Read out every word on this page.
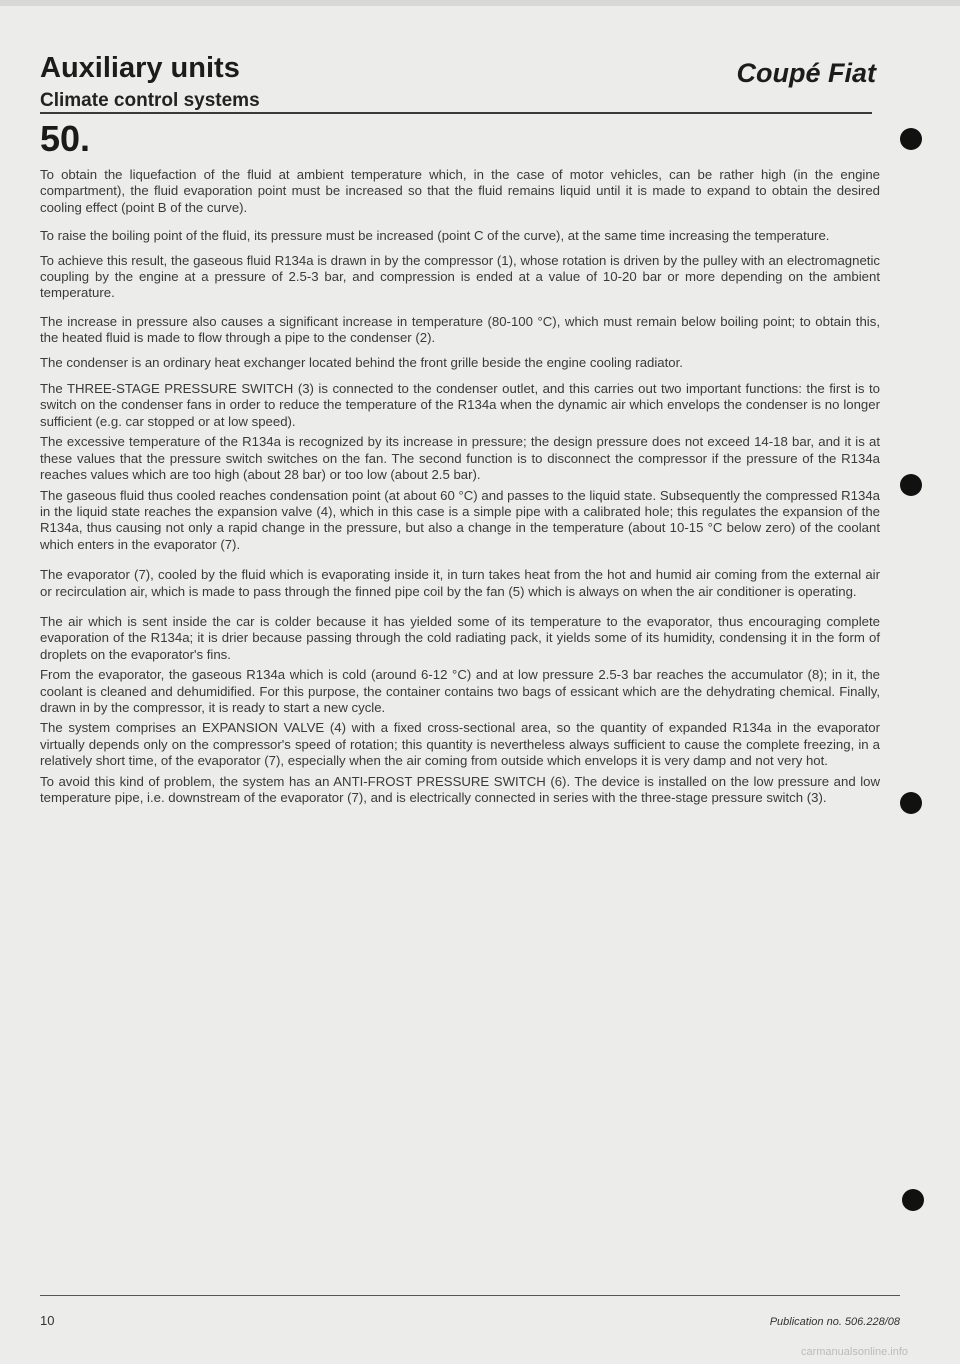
Auxiliary units	Coupé Fiat
Climate control systems
50.

To obtain the liquefaction of the fluid at ambient temperature which, in the case of motor vehicles, can be rather high (in the engine compartment), the fluid evaporation point must be increased so that the fluid remains liquid until it is made to expand to obtain the desired cooling effect (point B of the curve).

To raise the boiling point of the fluid, its pressure must be increased (point C of the curve), at the same time increasing the temperature.

To achieve this result, the gaseous fluid R134a is drawn in by the compressor (1), whose rotation is driven by the pulley with an electromagnetic coupling by the engine at a pressure of 2.5-3 bar, and compression is ended at a value of 10-20 bar or more depending on the ambient temperature.

The increase in pressure also causes a significant increase in temperature (80-100 °C), which must remain below boiling point; to obtain this, the heated fluid is made to flow through a pipe to the condenser (2).

The condenser is an ordinary heat exchanger located behind the front grille beside the engine cooling radiator.

The THREE-STAGE PRESSURE SWITCH (3) is connected to the condenser outlet, and this carries out two important functions: the first is to switch on the condenser fans in order to reduce the temperature of the R134a when the dynamic air which envelops the condenser is no longer sufficient (e.g. car stopped or at low speed).

The excessive temperature of the R134a is recognized by its increase in pressure; the design pressure does not exceed 14-18 bar, and it is at these values that the pressure switch switches on the fan. The second function is to disconnect the compressor if the pressure of the R134a reaches values which are too high (about 28 bar) or too low (about 2.5 bar).

The gaseous fluid thus cooled reaches condensation point (at about 60 °C) and passes to the liquid state. Subsequently the compressed R134a in the liquid state reaches the expansion valve (4), which in this case is a simple pipe with a calibrated hole; this regulates the expansion of the R134a, thus causing not only a rapid change in the pressure, but also a change in the temperature (about 10-15 °C below zero) of the coolant which enters in the evaporator (7).

The evaporator (7), cooled by the fluid which is evaporating inside it, in turn takes heat from the hot and humid air coming from the external air or recirculation air, which is made to pass through the finned pipe coil by the fan (5) which is always on when the air conditioner is operating.

The air which is sent inside the car is colder because it has yielded some of its temperature to the evaporator, thus encouraging complete evaporation of the R134a; it is drier because passing through the cold radiating pack, it yields some of its humidity, condensing it in the form of droplets on the evaporator's fins.

From the evaporator, the gaseous R134a which is cold (around 6-12 °C) and at low pressure 2.5-3 bar reaches the accumulator (8); in it, the coolant is cleaned and dehumidified. For this purpose, the container contains two bags of essicant which are the dehydrating chemical. Finally, drawn in by the compressor, it is ready to start a new cycle.

The system comprises an EXPANSION VALVE (4) with a fixed cross-sectional area, so the quantity of expanded R134a in the evaporator virtually depends only on the compressor's speed of rotation; this quantity is nevertheless always sufficient to cause the complete freezing, in a relatively short time, of the evaporator (7), especially when the air coming from outside which envelops it is very damp and not very hot.

To avoid this kind of problem, the system has an ANTI-FROST PRESSURE SWITCH (6). The device is installed on the low pressure and low temperature pipe, i.e. downstream of the evaporator (7), and is electrically connected in series with the three-stage pressure switch (3).

10	Publication no. 506.228/08
carmanualsonline.info
